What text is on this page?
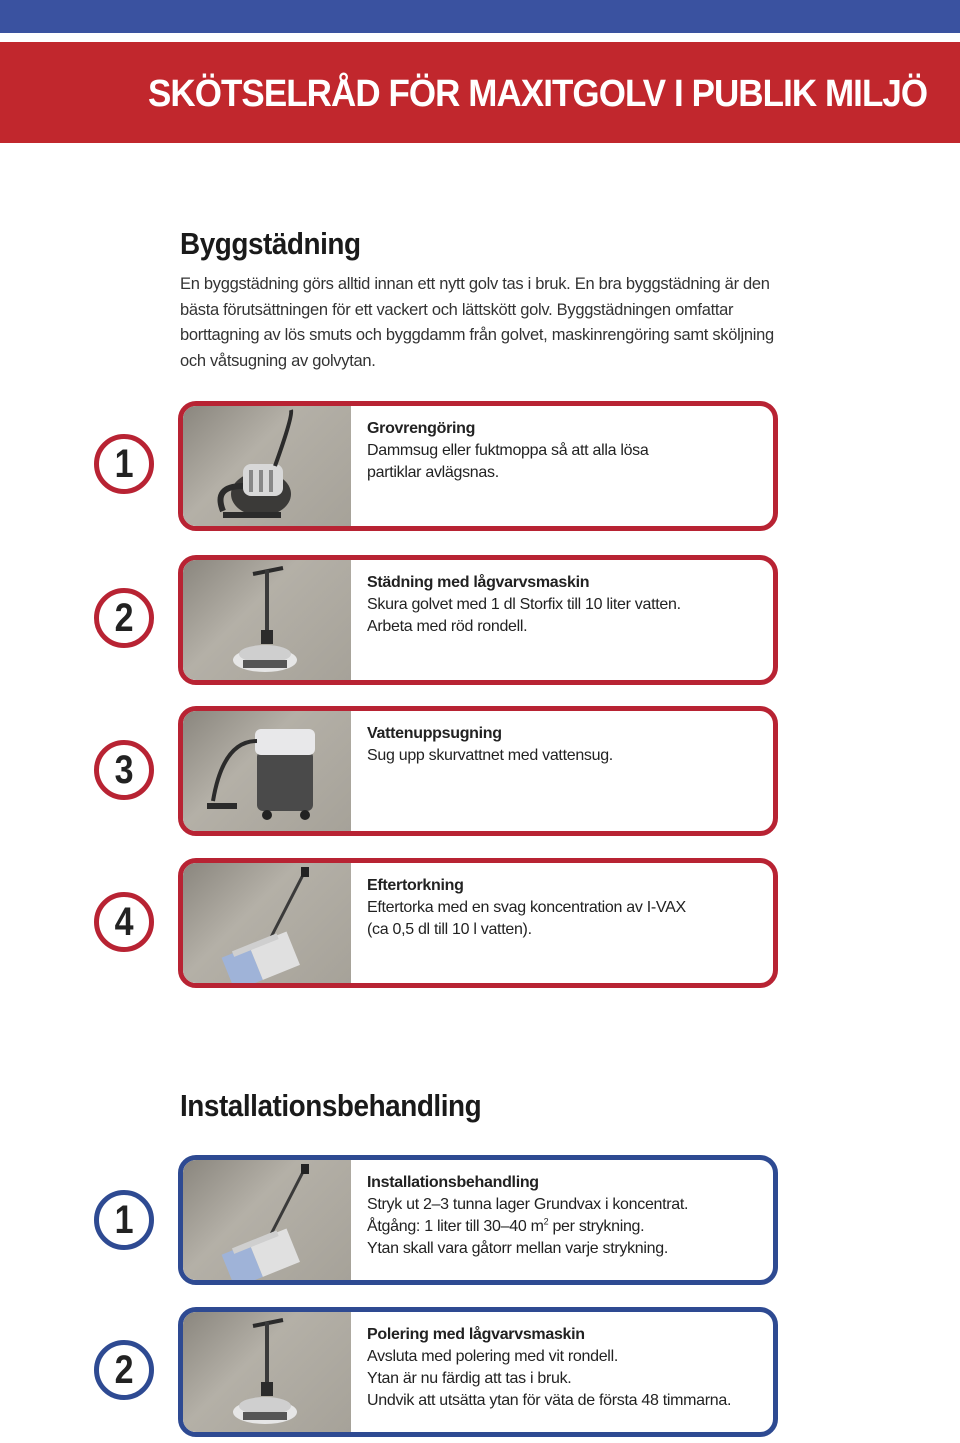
SKÖTSELRÅD FÖR MAXITGOLV I PUBLIK MILJÖ
Byggstädning

En byggstädning görs alltid innan ett nytt golv tas i bruk. En bra byggstädning är den bästa förutsättningen för ett vackert och lättskött golv. Byggstädningen omfattar borttagning av lös smuts och byggdamm från golvet, maskinrengöring samt sköljning och våtsugning av golvytan.

1
Grovrengöring
Dammsug eller fuktmoppa så att alla lösa
partiklar avlägsnas.
2
Städning med lågvarvsmaskin
Skura golvet med 1 dl Storfix till 10 liter vatten.
Arbeta med röd rondell.
3
Vattenuppsugning
Sug upp skurvattnet med vattensug.
4
Eftertorkning
Eftertorka med en svag koncentration av I-VAX
(ca 0,5 dl till 10 l vatten).
Installationsbehandling
1
Installationsbehandling
Stryk ut 2–3 tunna lager Grundvax i koncentrat.
Åtgång: 1 liter till 30–40 $m^2$ per strykning.
Ytan skall vara gåtorr mellan varje strykning.
2
Polering med lågvarvsmaskin
Avsluta med polering med vit rondell.
Ytan är nu färdig att tas i bruk.
Undvik att utsätta ytan för väta de första 48 timmarna.
